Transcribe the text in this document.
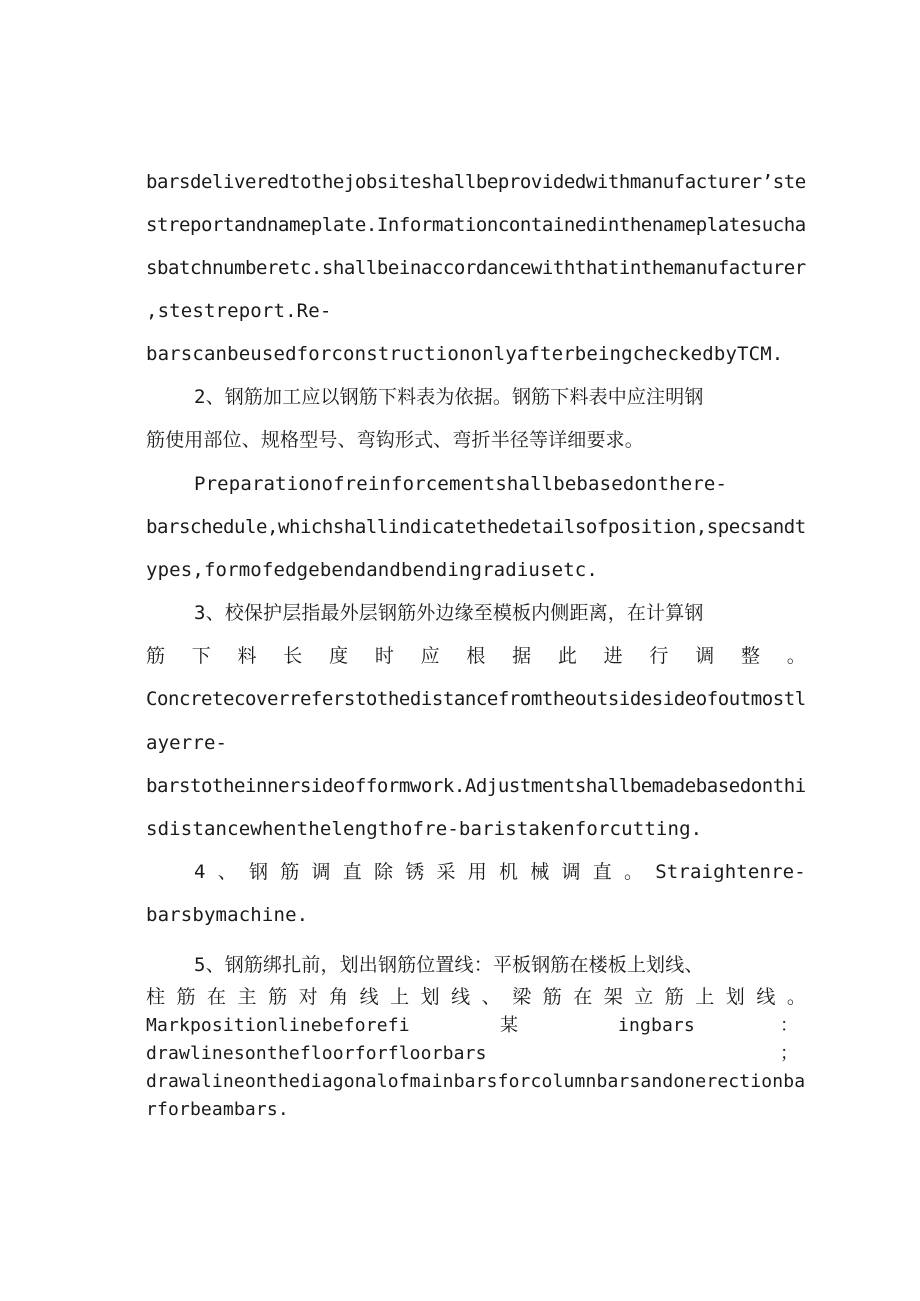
barsdeliveredtothejobsiteshallbeprovidedwithmanufacturer’ste
streportandnameplate.Informationcontainedinthenameplatesucha
sbatchnumberetc.shallbeinaccordancewiththatinthemanufacturer
,stestreport.Re-
barscanbeusedforconstructiononlyafterbeingcheckedbyTCM.
2、钢筋加工应以钢筋下料表为依据。钢筋下料表中应注明钢
筋使用部位、规格型号、弯钩形式、弯折半径等详细要求。
Preparationofreinforcementshallbebasedonthere-
barschedule,whichshallindicatethedetailsofposition,specsandt
ypes,formofedgebendandbendingradiusetc.
3、校保护层指最外层钢筋外边缘至模板内侧距离，在计算钢
筋 下 料 长 度 时 应 根 据 此 进 行 调 整 。
Concretecoverreferstothedistancefromtheoutsidesideofoutmostl
ayerre-
barstotheinnersideofformwork.Adjustmentshallbemadebasedonthi
sdistancewhenthelengthofre-baristakenforcutting.
4 、 钢 筋 调 直 除 锈 采 用 机 械 调 直 。 Straightenre-
barsbymachine.
5、钢筋绑扎前，划出钢筋位置线：平板钢筋在楼板上划线、
柱 筋 在 主 筋 对 角 线 上 划 线 、 梁 筋 在 架 立 筋 上 划 线 。
Markpositionlinebeforefi	某	ingbars	：
drawlinesonthefloorforfloorbars	；
drawalineonthediagonalofmainbarsforcolumnbarsandonerectionba
rforbeambars.
